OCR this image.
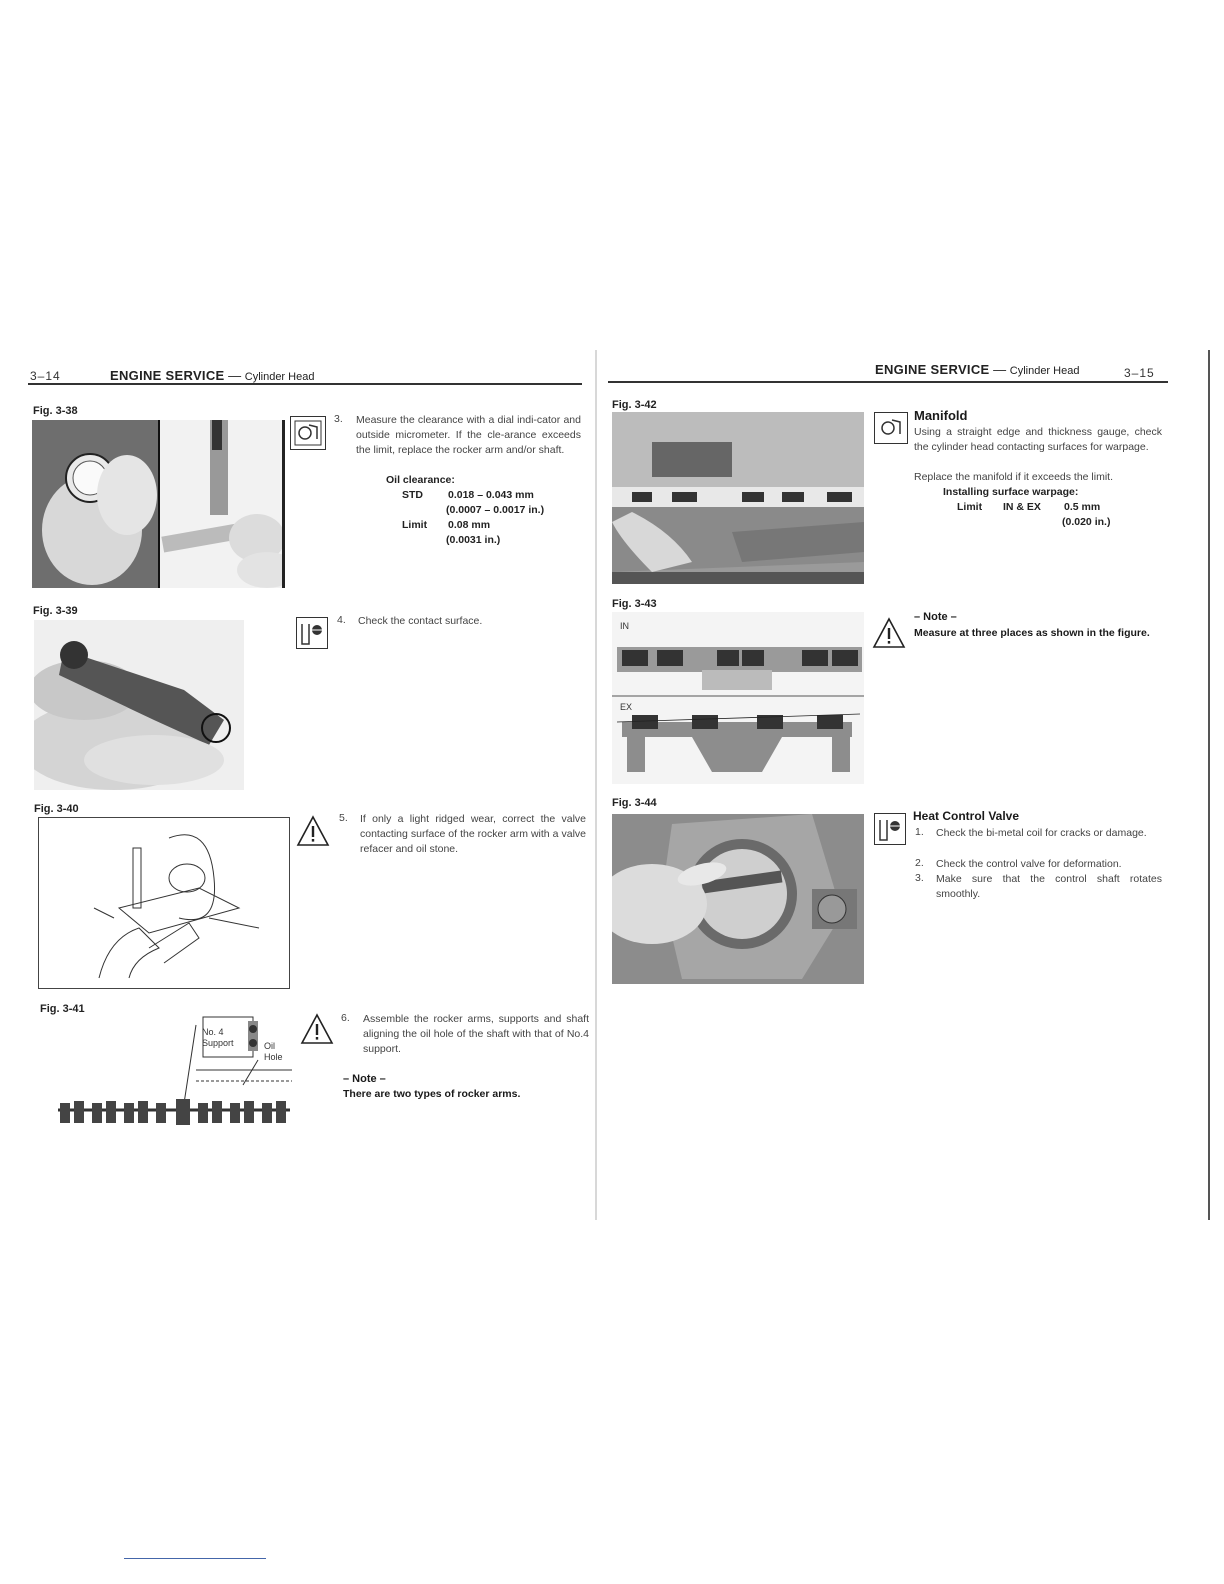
3–14	ENGINE SERVICE — Cylinder Head
Fig. 3-38
Fig. 3-39
Fig. 3-40
Fig. 3-41
No. 4
Support	Oil
Hole
3. Measure the clearance with a dial indi-cator and outside micrometer. If the cle-arance exceeds the limit, replace the rocker arm and/or shaft.
Oil clearance:
STD 0.018 – 0.043 mm
(0.0007 – 0.0017 in.)
Limit 0.08 mm
(0.0031 in.)
4. Check the contact surface.
5. If only a light ridged wear, correct the valve contacting surface of the rocker arm with a valve refacer and oil stone.
6. Assemble the rocker arms, supports and shaft aligning the oil hole of the shaft with that of No.4 support.
– Note –
There are two types of rocker arms.
ENGINE SERVICE — Cylinder Head	3–15
Fig. 3-42
Fig. 3-43
IN
EX
Fig. 3-44
Manifold
Using a straight edge and thickness gauge, check the cylinder head contacting surfaces for warpage.
Replace the manifold if it exceeds the limit.
Installing surface warpage:
Limit IN & EX 0.5 mm
(0.020 in.)
– Note –
Measure at three places as shown in the figure.
Heat Control Valve
1. Check the bi-metal coil for cracks or damage.
2. Check the control valve for deformation.
3. Make sure that the control shaft rotates smoothly.
